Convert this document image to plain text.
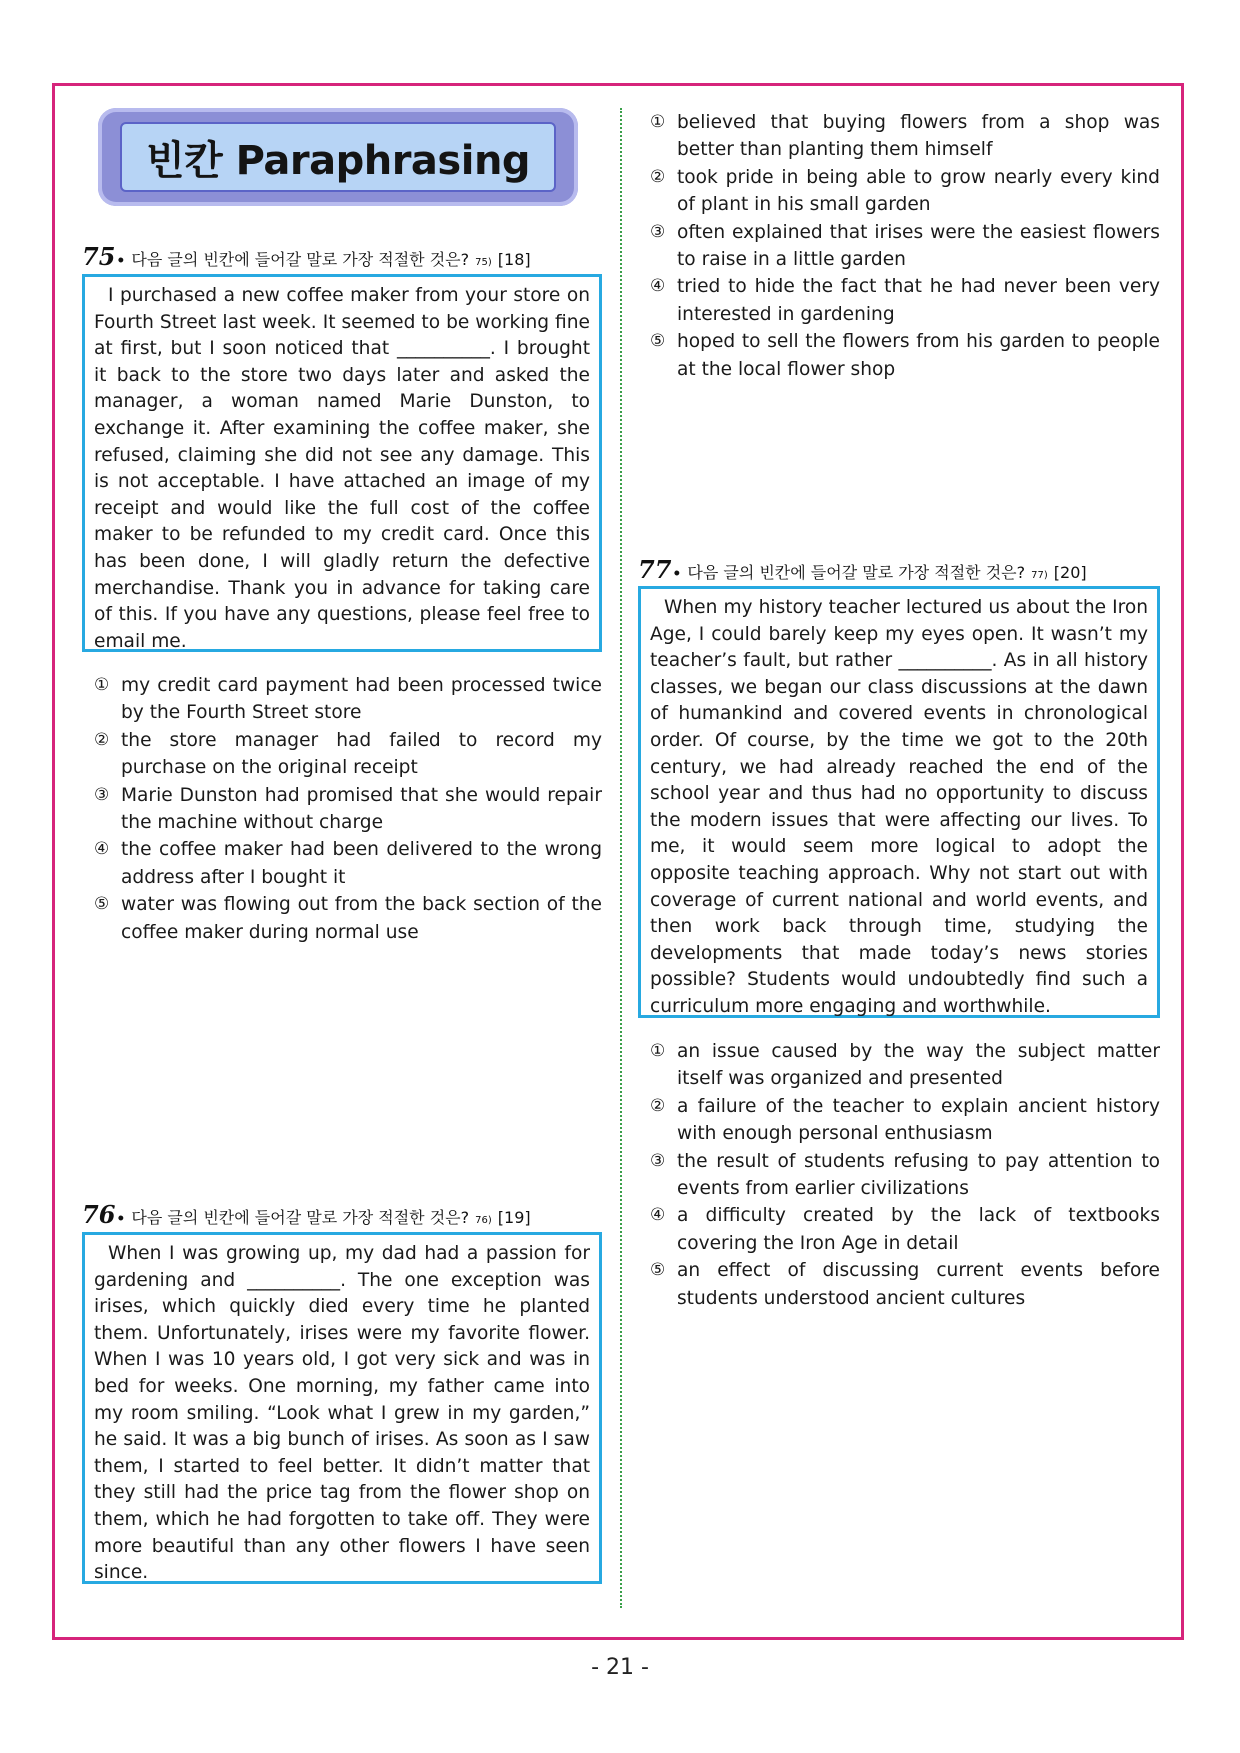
빈칸 Paraphrasing
75 • 다음 글의 빈칸에 들어갈 말로 가장 적절한 것은? 75) [18]
I purchased a new coffee maker from your store on Fourth Street last week. It seemed to be working fine at first, but I soon noticed that __________. I brought it back to the store two days later and asked the manager, a woman named Marie Dunston, to exchange it. After examining the coffee maker, she refused, claiming she did not see any damage. This is not acceptable. I have attached an image of my receipt and would like the full cost of the coffee maker to be refunded to my credit card. Once this has been done, I will gladly return the defective merchandise. Thank you in advance for taking care of this. If you have any questions, please feel free to email me.
① my credit card payment had been processed twice by the Fourth Street store
② the store manager had failed to record my purchase on the original receipt
③ Marie Dunston had promised that she would repair the machine without charge
④ the coffee maker had been delivered to the wrong address after I bought it
⑤ water was flowing out from the back section of the coffee maker during normal use
76 • 다음 글의 빈칸에 들어갈 말로 가장 적절한 것은? 76) [19]
When I was growing up, my dad had a passion for gardening and __________. The one exception was irises, which quickly died every time he planted them. Unfortunately, irises were my favorite flower. When I was 10 years old, I got very sick and was in bed for weeks. One morning, my father came into my room smiling. “Look what I grew in my garden,” he said. It was a big bunch of irises. As soon as I saw them, I started to feel better. It didn’t matter that they still had the price tag from the flower shop on them, which he had forgotten to take off. They were more beautiful than any other flowers I have seen since.
① believed that buying flowers from a shop was better than planting them himself
② took pride in being able to grow nearly every kind of plant in his small garden
③ often explained that irises were the easiest flowers to raise in a little garden
④ tried to hide the fact that he had never been very interested in gardening
⑤ hoped to sell the flowers from his garden to people at the local flower shop
77 • 다음 글의 빈칸에 들어갈 말로 가장 적절한 것은? 77) [20]
When my history teacher lectured us about the Iron Age, I could barely keep my eyes open. It wasn’t my teacher’s fault, but rather __________. As in all history classes, we began our class discussions at the dawn of humankind and covered events in chronological order. Of course, by the time we got to the 20th century, we had already reached the end of the school year and thus had no opportunity to discuss the modern issues that were affecting our lives. To me, it would seem more logical to adopt the opposite teaching approach. Why not start out with coverage of current national and world events, and then work back through time, studying the developments that made today’s news stories possible? Students would undoubtedly find such a curriculum more engaging and worthwhile.
① an issue caused by the way the subject matter itself was organized and presented
② a failure of the teacher to explain ancient history with enough personal enthusiasm
③ the result of students refusing to pay attention to events from earlier civilizations
④ a difficulty created by the lack of textbooks covering the Iron Age in detail
⑤ an effect of discussing current events before students understood ancient cultures
- 21 -
